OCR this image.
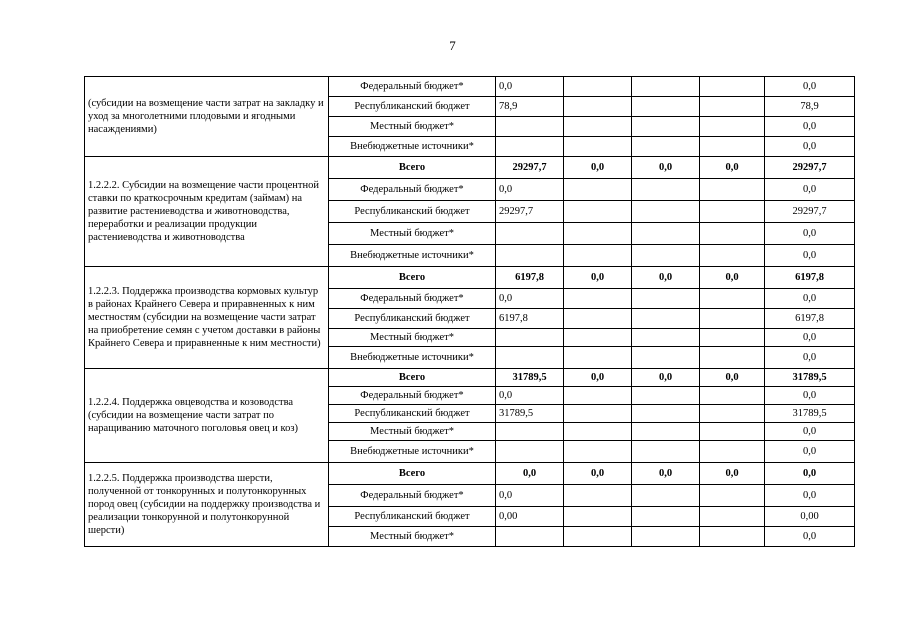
7
(субсидии на возмещение части затрат на закладку и уход за многолетними плодовыми и ягодными насаждениями)	Федеральный бюджет*	0,0				0,0
	Республиканский бюджет	78,9				78,9
	Местный бюджет*					0,0
	Внебюджетные источники*					0,0
1.2.2.2. Субсидии на возмещение части процентной ставки по краткосрочным кредитам (займам) на развитие растениеводства и животноводства, переработки и реализации продукции растениеводства и животноводства	Всего	29297,7	0,0	0,0	0,0	29297,7
	Федеральный бюджет*	0,0				0,0
	Республиканский бюджет	29297,7				29297,7
	Местный бюджет*					0,0
	Внебюджетные источники*					0,0
1.2.2.3. Поддержка производства кормовых культур в районах Крайнего Севера и приравненных к ним местностям (субсидии на возмещение части затрат на приобретение семян с учетом доставки в районы Крайнего Севера и приравненные к ним местности)	Всего	6197,8	0,0	0,0	0,0	6197,8
	Федеральный бюджет*	0,0				0,0
	Республиканский бюджет	6197,8				6197,8
	Местный бюджет*					0,0
	Внебюджетные источники*					0,0
1.2.2.4. Поддержка овцеводства и козоводства (субсидии на возмещение части затрат по наращиванию маточного поголовья овец и коз)	Всего	31789,5	0,0	0,0	0,0	31789,5
	Федеральный бюджет*	0,0				0,0
	Республиканский бюджет	31789,5				31789,5
	Местный бюджет*					0,0
	Внебюджетные источники*					0,0
1.2.2.5. Поддержка производства шерсти, полученной от тонкорунных и полутонкорунных пород овец (субсидии на поддержку производства и реализации тонкорунной и полутонкорунной шерсти)	Всего	0,0	0,0	0,0	0,0	0,0
	Федеральный бюджет*	0,0				0,0
	Республиканский бюджет	0,00				0,00
	Местный бюджет*					0,0
